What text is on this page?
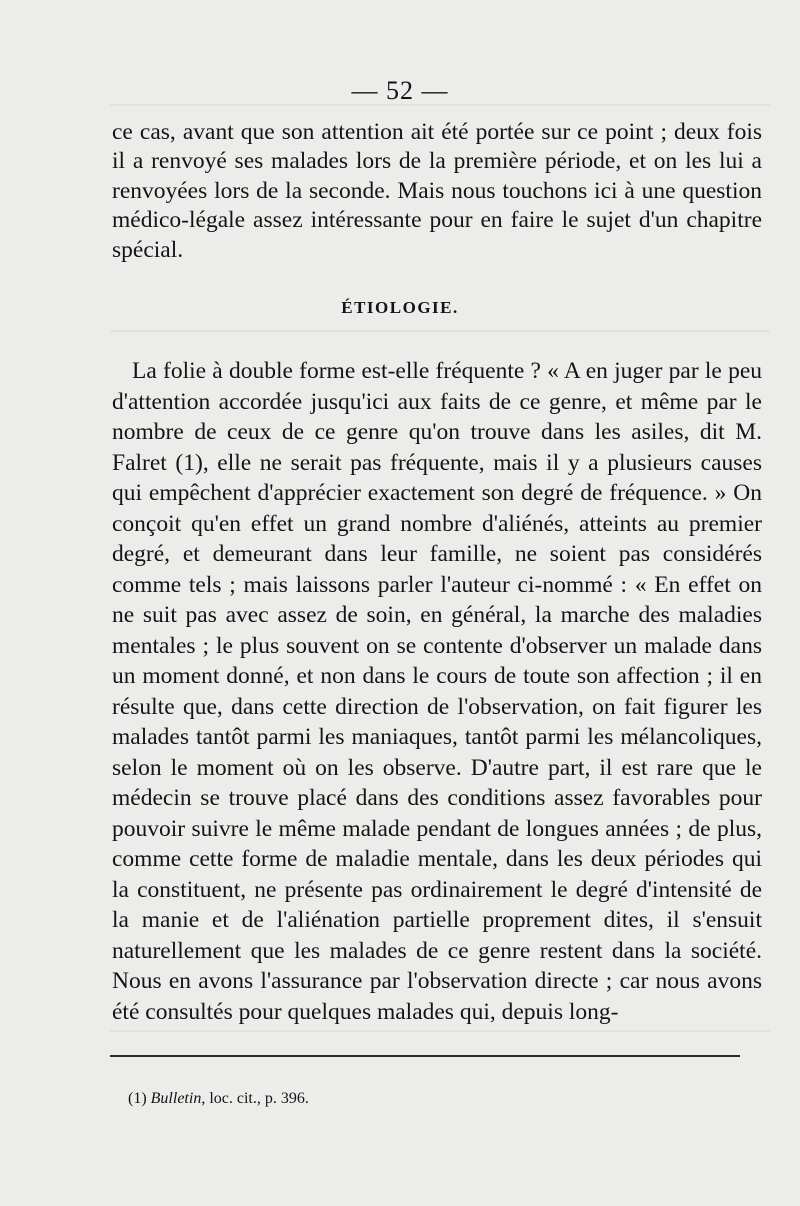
— 52 —

ce cas, avant que son attention ait été portée sur ce point ; deux fois il a renvoyé ses malades lors de la première période, et on les lui a renvoyées lors de la seconde. Mais nous touchons ici à une question médico-légale assez intéressante pour en faire le sujet d'un chapitre spécial.

ÉTIOLOGIE.

La folie à double forme est-elle fréquente ? « A en juger par le peu d'attention accordée jusqu'ici aux faits de ce genre, et même par le nombre de ceux de ce genre qu'on trouve dans les asiles, dit M. Falret (1), elle ne serait pas fréquente, mais il y a plusieurs causes qui empêchent d'apprécier exactement son degré de fréquence. » On conçoit qu'en effet un grand nombre d'aliénés, atteints au premier degré, et demeurant dans leur famille, ne soient pas considérés comme tels ; mais laissons parler l'auteur ci-nommé : « En effet on ne suit pas avec assez de soin, en général, la marche des maladies mentales ; le plus souvent on se contente d'observer un malade dans un moment donné, et non dans le cours de toute son affection ; il en résulte que, dans cette direction de l'observation, on fait figurer les malades tantôt parmi les maniaques, tantôt parmi les mélancoliques, selon le moment où on les observe. D'autre part, il est rare que le médecin se trouve placé dans des conditions assez favorables pour pouvoir suivre le même malade pendant de longues années ; de plus, comme cette forme de maladie mentale, dans les deux périodes qui la constituent, ne présente pas ordinairement le degré d'intensité de la manie et de l'aliénation partielle proprement dites, il s'ensuit naturellement que les malades de ce genre restent dans la société. Nous en avons l'assurance par l'observation directe ; car nous avons été consultés pour quelques malades qui, depuis long-

(1) Bulletin, loc. cit., p. 396.
